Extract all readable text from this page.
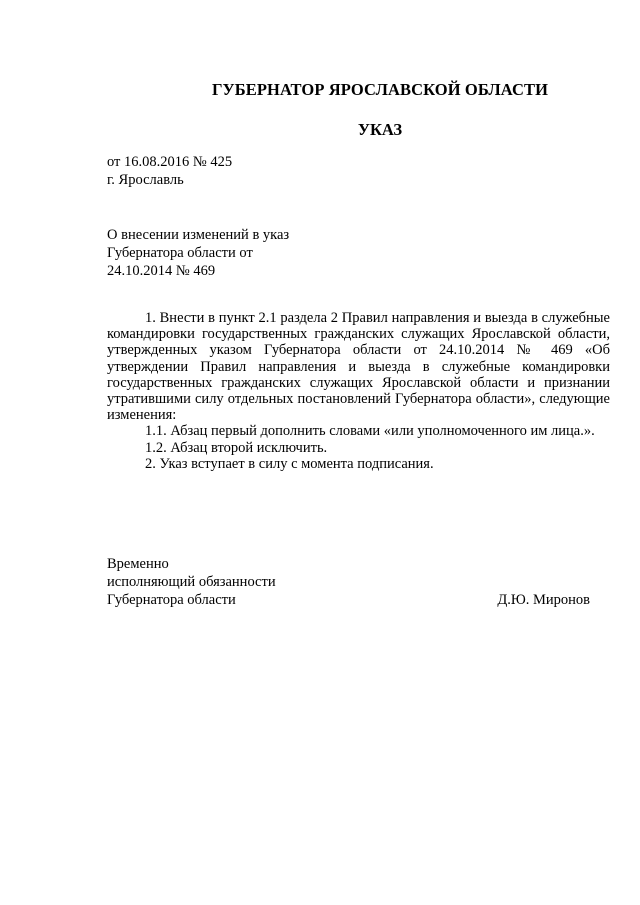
ГУБЕРНАТОР ЯРОСЛАВСКОЙ ОБЛАСТИ
УКАЗ
от 16.08.2016 № 425
г. Ярославль
О внесении изменений в указ
Губернатора области от
24.10.2014 № 469

1. Внести в пункт 2.1 раздела 2 Правил направления и выезда в служебные командировки государственных гражданских служащих Ярославской области, утвержденных указом Губернатора области от 24.10.2014 № 469 «Об утверждении Правил направления и выезда в служебные командировки государственных гражданских служащих Ярославской области и признании утратившими силу отдельных постановлений Губернатора области», следующие изменения:

1.1. Абзац первый дополнить словами «или уполномоченного им лица.».

1.2. Абзац второй исключить.

2. Указ вступает в силу с момента подписания.

Временно
исполняющий обязанности
Губернатора области	Д.Ю. Миронов
